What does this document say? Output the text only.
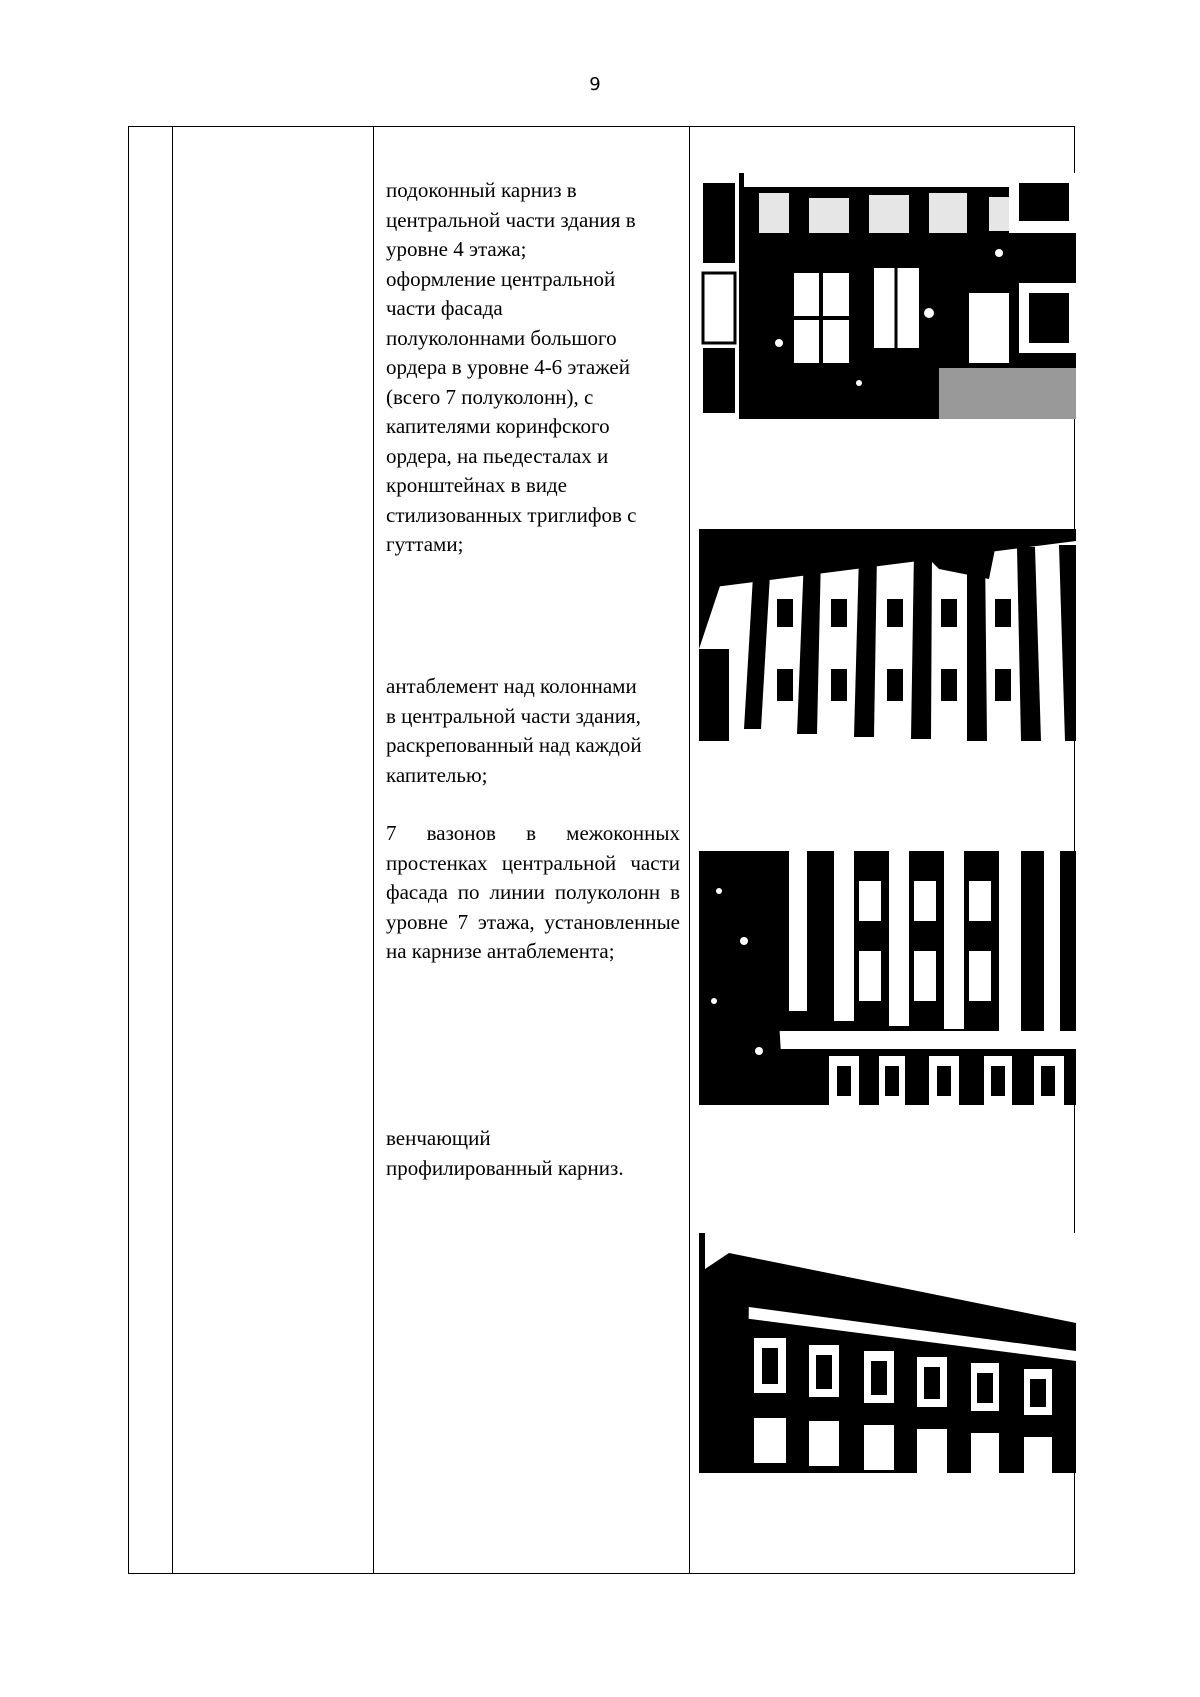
9
подоконный карниз в
центральной части здания в
уровне 4 этажа;
оформление центральной
части фасада
полуколоннами большого
ордера в уровне 4-6 этажей
(всего 7 полуколонн), с
капителями коринфского
ордера, на пьедесталах и
кронштейнах в виде
стилизованных триглифов с
гуттами;
антаблемент над колоннами
в центральной части здания,
раскрепованный над каждой
капителью;
7 вазонов в межоконных простенках центральной части фасада по линии полуколонн в уровне 7 этажа, установленные на карнизе антаблемента;
венчающий
профилированный карниз.
